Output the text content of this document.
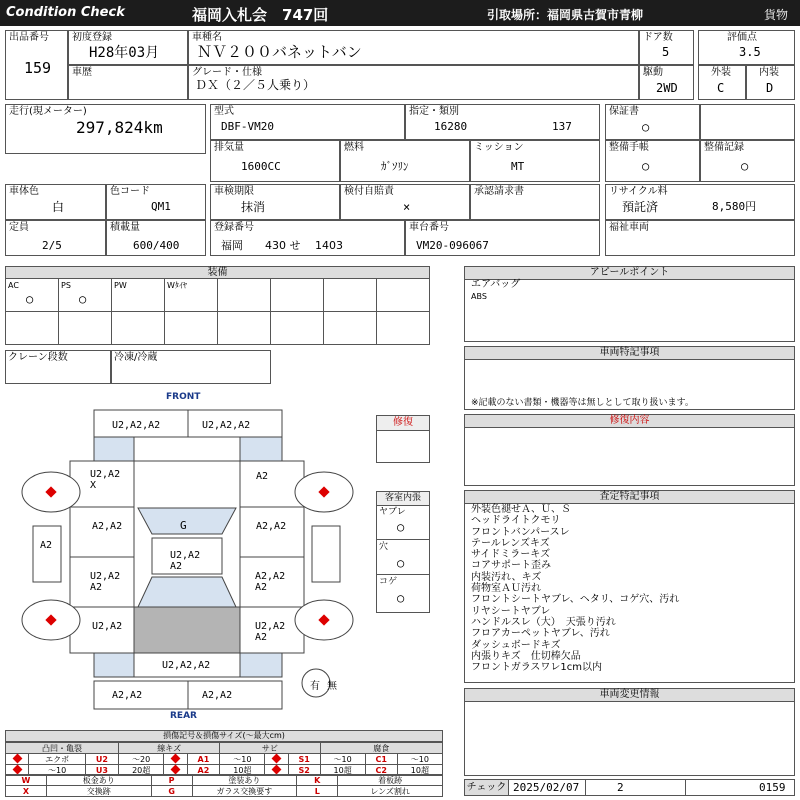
Condition Check	福岡入札会　747回	引取場所：福岡県古賀市青柳	貨物
出品番号
159
初度登録
H28年03月
車歴
車種名
ＮＶ２００バネットバン
グレード・仕様
ＤＸ（２／５人乗り）
ドア数
5
駆動
2WD
評価点
3.5
外装
C
内装
D
走行(現メーター)
297,824km
型式
DBF-VM20
指定・類別
16280	137
排気量
1600CC
燃料
ｶﾞｿﾘﾝ
ミッション
MT
保証書
○
整備手帳
○
整備記録
○
車体色
白
色コード
QM1
定員
2/5
積載量
600/400
車検期限
抹消
検付自賠責
×
承認請求書
登録番号
福岡　　430 せ　 1403
車台番号
VM20-096067
リサイクル料
預託済	8,580円
福祉車両
装備
AC
○
PS
○
PW	Wﾀｲﾔ
クレーン段数	冷凍/冷蔵
FRONT
REAR
U2,A2,A2	U2,A2,A2
U2,A2 X
A2
A2,A2	A2,A2
U2,A2 A2
A2,A2 A2
U2,A2	U2,A2 A2
G
U2,A2 A2
U2,A2,A2
A2,A2	A2,A2
A2
有 無
修復
客室内張
ヤブレ
○
穴
○
コゲ
○
アピールポイント
エアバッグ
ABS
車両特記事項
※記載のない書類・機器等は無しとして取り扱います。
修復内容
査定特記事項
外装色褪せＡ、Ｕ、Ｓ
ヘッドライトクモリ
フロントバンパースレ
テールレンズキズ
サイドミラーキズ
コアサポート歪み
内装汚れ、キズ
荷物室ＡＵ汚れ
フロントシートヤブレ、ヘタリ、コゲ穴、汚れ
リヤシートヤブレ
ハンドルスレ（大）　天張り汚れ
フロアカーペットヤブレ、汚れ
ダッシュボードキズ
内張りキズ　仕切棒欠品
フロントガラスワレ1cm以内
車両変更情報
チェック 2025/02/07	2	0159
損傷記号＆損傷サイズ(～最大cm)
凸凹・亀裂			線キズ			サビ			腐食		
	エクボ	U2	～20		A1	～10		S1	～10	C1	～10
	～10	U3	20超		A2	10超		S2	10超	C2	10超
W	板金あり	P	塗装あり	K	着板跡
X	交換跡	G	ガラス交換要す	L	レンズ割れ
